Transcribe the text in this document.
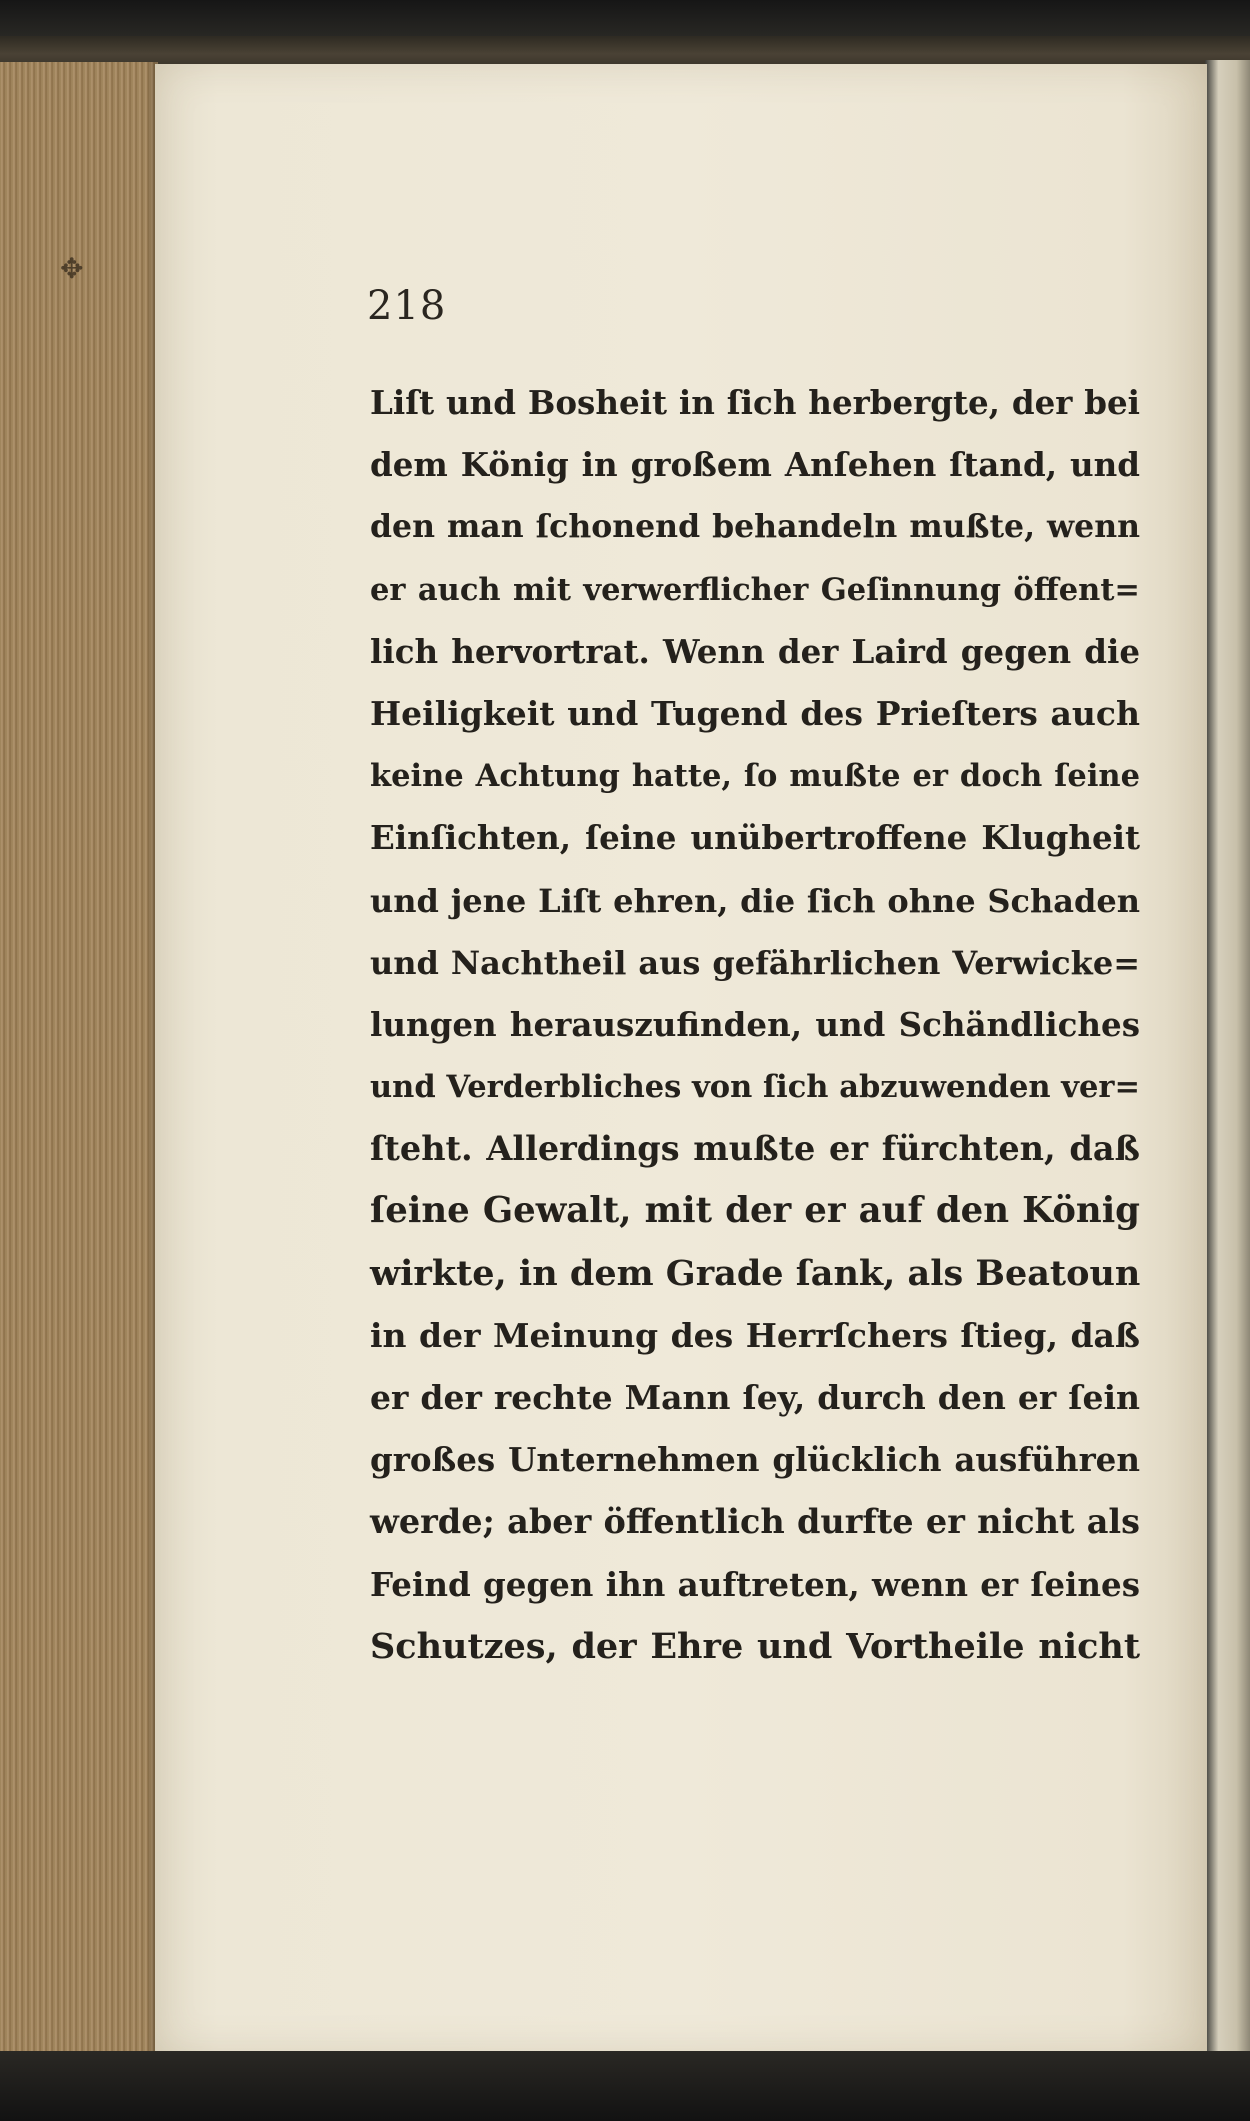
✥
218
Liſt und Bosheit in ſich herbergte, der bei
dem König in großem Anſehen ſtand, und
den man ſchonend behandeln mußte, wenn
er auch mit verwerflicher Geſinnung öffent=
lich hervortrat. Wenn der Laird gegen die
Heiligkeit und Tugend des Prieſters auch
keine Achtung hatte, ſo mußte er doch ſeine
Einſichten, ſeine unübertroffene Klugheit
und jene Liſt ehren, die ſich ohne Schaden
und Nachtheil aus gefährlichen Verwicke=
lungen herauszufinden, und Schändliches
und Verderbliches von ſich abzuwenden ver=
ſteht. Allerdings mußte er fürchten, daß
ſeine Gewalt, mit der er auf den König
wirkte, in dem Grade ſank, als Beatoun
in der Meinung des Herrſchers ſtieg, daß
er der rechte Mann ſey, durch den er ſein
großes Unternehmen glücklich ausführen
werde; aber öffentlich durfte er nicht als
Feind gegen ihn auftreten, wenn er ſeines
Schutzes, der Ehre und Vortheile nicht
